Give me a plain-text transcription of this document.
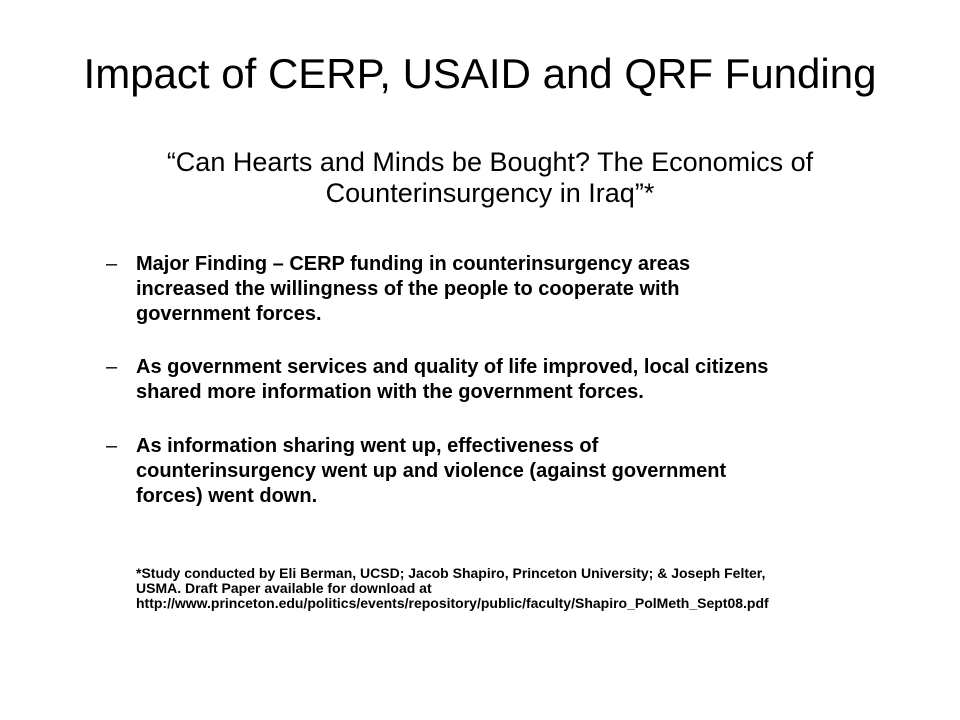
Impact of CERP, USAID and QRF Funding
“Can Hearts and Minds be Bought? The Economics of
Counterinsurgency in Iraq”*
– Major Finding – CERP funding in counterinsurgency areas
increased the willingness of the people to cooperate with
government forces.
– As government services and quality of life improved, local citizens
shared more information with the government forces.
– As information sharing went up, effectiveness of
counterinsurgency went up and violence (against government
forces) went down.
*Study conducted by Eli Berman, UCSD; Jacob Shapiro, Princeton University; & Joseph Felter,
USMA. Draft Paper available for download at
http://www.princeton.edu/politics/events/repository/public/faculty/Shapiro_PolMeth_Sept08.pdf
